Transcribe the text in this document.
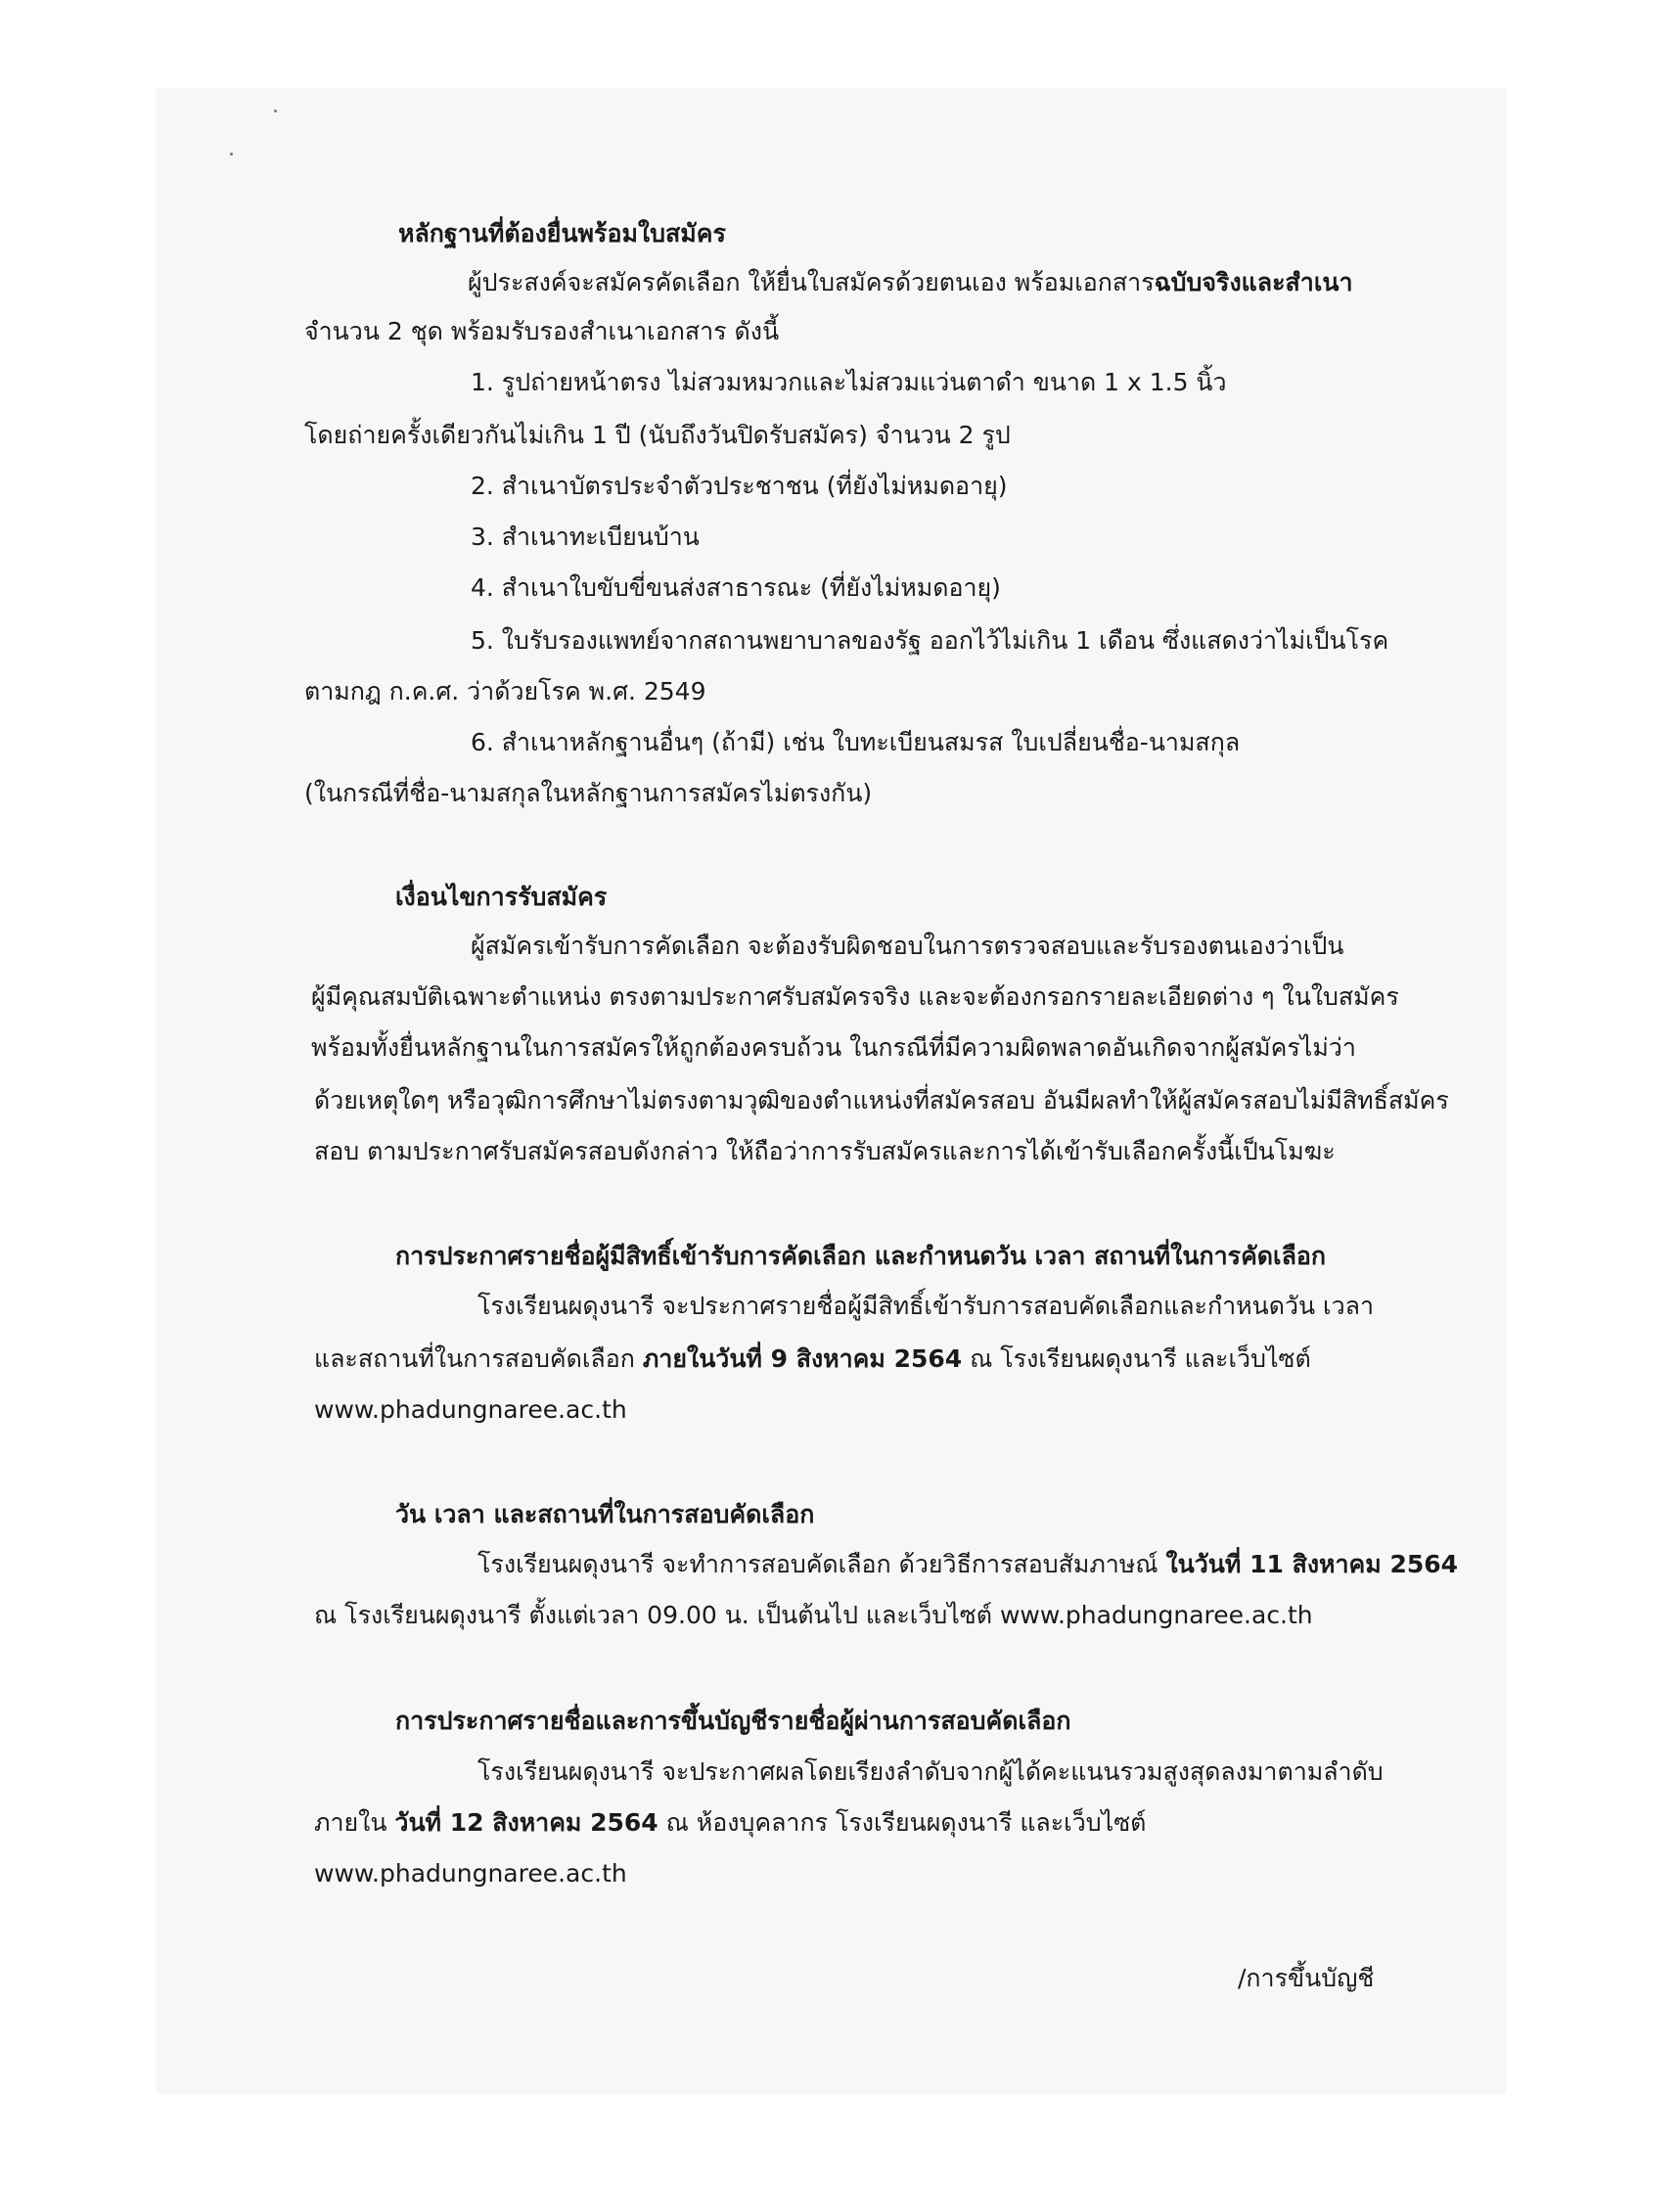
หลักฐานที่ต้องยื่นพร้อมใบสมัคร
ผู้ประสงค์จะสมัครคัดเลือก ให้ยื่นใบสมัครด้วยตนเอง พร้อมเอกสารฉบับจริงและสำเนา
จำนวน 2 ชุด พร้อมรับรองสำเนาเอกสาร ดังนี้
1. รูปถ่ายหน้าตรง ไม่สวมหมวกและไม่สวมแว่นตาดำ ขนาด 1 x 1.5 นิ้ว
โดยถ่ายครั้งเดียวกันไม่เกิน 1 ปี (นับถึงวันปิดรับสมัคร) จำนวน 2 รูป
2. สำเนาบัตรประจำตัวประชาชน (ที่ยังไม่หมดอายุ)
3. สำเนาทะเบียนบ้าน
4. สำเนาใบขับขี่ขนส่งสาธารณะ (ที่ยังไม่หมดอายุ)
5. ใบรับรองแพทย์จากสถานพยาบาลของรัฐ ออกไว้ไม่เกิน 1 เดือน ซึ่งแสดงว่าไม่เป็นโรค
ตามกฎ ก.ค.ศ. ว่าด้วยโรค พ.ศ. 2549
6. สำเนาหลักฐานอื่นๆ (ถ้ามี) เช่น ใบทะเบียนสมรส ใบเปลี่ยนชื่อ-นามสกุล
(ในกรณีที่ชื่อ-นามสกุลในหลักฐานการสมัครไม่ตรงกัน)
เงื่อนไขการรับสมัคร
ผู้สมัครเข้ารับการคัดเลือก จะต้องรับผิดชอบในการตรวจสอบและรับรองตนเองว่าเป็น
ผู้มีคุณสมบัติเฉพาะตำแหน่ง ตรงตามประกาศรับสมัครจริง และจะต้องกรอกรายละเอียดต่าง ๆ ในใบสมัคร
พร้อมทั้งยื่นหลักฐานในการสมัครให้ถูกต้องครบถ้วน ในกรณีที่มีความผิดพลาดอันเกิดจากผู้สมัครไม่ว่า
ด้วยเหตุใดๆ หรือวุฒิการศึกษาไม่ตรงตามวุฒิของตำแหน่งที่สมัครสอบ อันมีผลทำให้ผู้สมัครสอบไม่มีสิทธิ์สมัคร
สอบ ตามประกาศรับสมัครสอบดังกล่าว ให้ถือว่าการรับสมัครและการได้เข้ารับเลือกครั้งนี้เป็นโมฆะ
การประกาศรายชื่อผู้มีสิทธิ์เข้ารับการคัดเลือก และกำหนดวัน เวลา สถานที่ในการคัดเลือก
โรงเรียนผดุงนารี จะประกาศรายชื่อผู้มีสิทธิ์เข้ารับการสอบคัดเลือกและกำหนดวัน เวลา
และสถานที่ในการสอบคัดเลือก ภายในวันที่ 9 สิงหาคม 2564 ณ โรงเรียนผดุงนารี และเว็บไซต์
www.phadungnaree.ac.th
วัน เวลา และสถานที่ในการสอบคัดเลือก
โรงเรียนผดุงนารี จะทำการสอบคัดเลือก ด้วยวิธีการสอบสัมภาษณ์ ในวันที่ 11 สิงหาคม 2564
ณ โรงเรียนผดุงนารี ตั้งแต่เวลา 09.00 น. เป็นต้นไป และเว็บไซต์ www.phadungnaree.ac.th
การประกาศรายชื่อและการขึ้นบัญชีรายชื่อผู้ผ่านการสอบคัดเลือก
โรงเรียนผดุงนารี จะประกาศผลโดยเรียงลำดับจากผู้ได้คะแนนรวมสูงสุดลงมาตามลำดับ
ภายใน วันที่ 12 สิงหาคม 2564 ณ ห้องบุคลากร โรงเรียนผดุงนารี และเว็บไซต์
www.phadungnaree.ac.th
/การขึ้นบัญชี
